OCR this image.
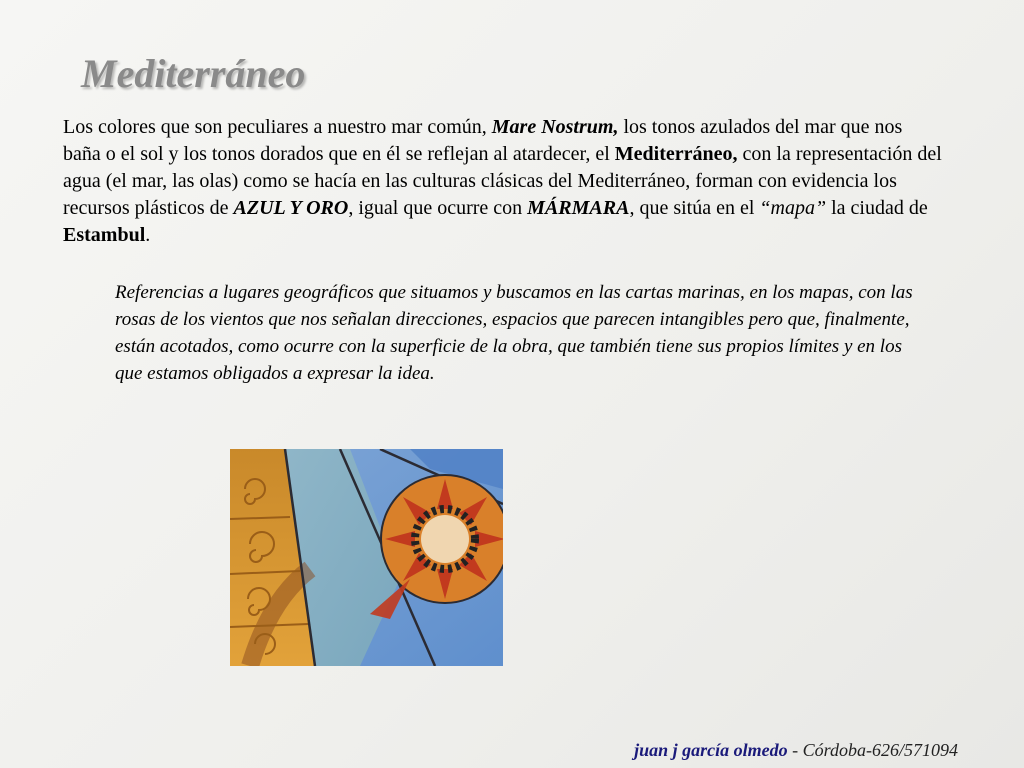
Mediterráneo

Los colores que son peculiares a nuestro mar común, Mare Nostrum, los tonos azulados del mar que nos baña o el sol y los tonos dorados que en él se reflejan al atardecer, el Mediterráneo, con la representación del agua (el mar, las olas) como se hacía en las culturas clásicas del Mediterráneo, forman con evidencia los recursos plásticos de AZUL Y ORO, igual que ocurre con MÁRMARA, que sitúa en el “mapa” la ciudad de Estambul.

Referencias a lugares geográficos que situamos y buscamos en las cartas marinas, en los mapas, con las rosas de los vientos que nos señalan direcciones, espacios que parecen intangibles pero que, finalmente, están acotados, como ocurre con la superficie de la obra, que también tiene sus propios límites y en los que estamos obligados a expresar la idea.

juan j garcía olmedo - Córdoba-626/571094
